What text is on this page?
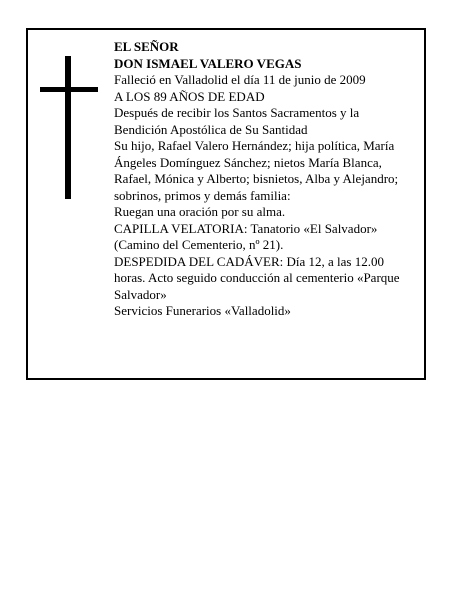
EL SEÑOR

DON ISMAEL VALERO VEGAS

Falleció en Valladolid el día 11 de junio de 2009

A LOS 89 AÑOS DE EDAD

Después de recibir los Santos Sacramentos y la Bendición Apostólica de Su Santidad

Su hijo, Rafael Valero Hernández; hija política, María Ángeles Domínguez Sánchez; nietos María Blanca, Rafael, Mónica y Alberto; bisnietos, Alba y Alejandro; sobrinos, primos y demás familia:

Ruegan una oración por su alma.

CAPILLA VELATORIA: Tanatorio «El Salvador» (Camino del Cementerio, nº 21).

DESPEDIDA DEL CADÁVER: Día 12, a las 12.00 horas. Acto seguido conducción al cementerio «Parque Salvador»

Servicios Funerarios «Valladolid»
